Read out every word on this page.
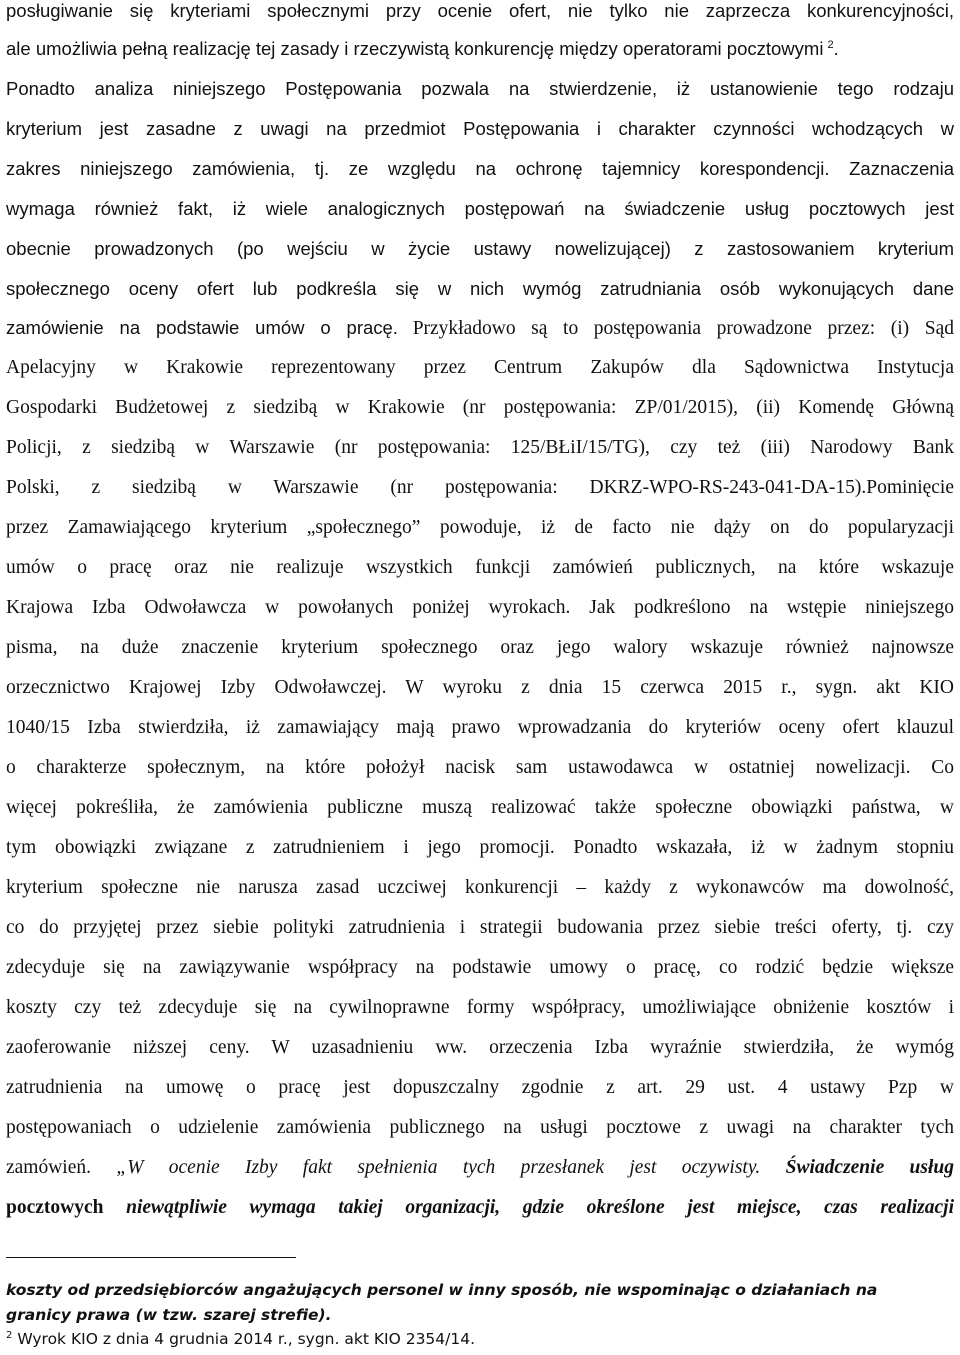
posługiwanie się kryteriami społecznymi przy ocenie ofert, nie tylko nie zaprzecza konkurencyjności,
ale umożliwia pełną realizację tej zasady i rzeczywistą konkurencję między operatorami pocztowymi $^2$.
Ponadto analiza niniejszego Postępowania pozwala na stwierdzenie, iż ustanowienie tego rodzaju
kryterium jest zasadne z uwagi na przedmiot Postępowania i charakter czynności wchodzących w
zakres niniejszego zamówienia, tj. ze względu na ochronę tajemnicy korespondencji. Zaznaczenia
wymaga również fakt, iż wiele analogicznych postępowań na świadczenie usług pocztowych jest
obecnie prowadzonych (po wejściu w życie ustawy nowelizującej) z zastosowaniem kryterium
społecznego oceny ofert lub podkreśla się w nich wymóg zatrudniania osób wykonujących dane
zamówienie na podstawie umów o pracę. Przykładowo są to postępowania prowadzone przez: (i) Sąd
Apelacyjny w Krakowie reprezentowany przez Centrum Zakupów dla Sądownictwa Instytucja
Gospodarki Budżetowej z siedzibą w Krakowie (nr postępowania: ZP/01/2015), (ii) Komendę Główną
Policji, z siedzibą w Warszawie (nr postępowania: 125/BŁiI/15/TG), czy też (iii) Narodowy Bank
Polski, z siedzibą w Warszawie (nr postępowania: DKRZ-WPO-RS-243-041-DA-15).Pominięcie
przez Zamawiającego kryterium „społecznego” powoduje, iż de facto nie dąży on do popularyzacji
umów o pracę oraz nie realizuje wszystkich funkcji zamówień publicznych, na które wskazuje
Krajowa Izba Odwoławcza w powołanych poniżej wyrokach. Jak podkreślono na wstępie niniejszego
pisma, na duże znaczenie kryterium społecznego oraz jego walory wskazuje również najnowsze
orzecznictwo Krajowej Izby Odwoławczej. W wyroku z dnia 15 czerwca 2015 r., sygn. akt KIO
1040/15 Izba stwierdziła, iż zamawiający mają prawo wprowadzania do kryteriów oceny ofert klauzul
o charakterze społecznym, na które położył nacisk sam ustawodawca w ostatniej nowelizacji. Co
więcej pokreśliła, że zamówienia publiczne muszą realizować także społeczne obowiązki państwa, w
tym obowiązki związane z zatrudnieniem i jego promocji. Ponadto wskazała, iż w żadnym stopniu
kryterium społeczne nie narusza zasad uczciwej konkurencji – każdy z wykonawców ma dowolność,
co do przyjętej przez siebie polityki zatrudnienia i strategii budowania przez siebie treści oferty, tj. czy
zdecyduje się na zawiązywanie współpracy na podstawie umowy o pracę, co rodzić będzie większe
koszty czy też zdecyduje się na cywilnoprawne formy współpracy, umożliwiające obniżenie kosztów i
zaoferowanie niższej ceny. W uzasadnieniu ww. orzeczenia Izba wyraźnie stwierdziła, że wymóg
zatrudnienia na umowę o pracę jest dopuszczalny zgodnie z art. 29 ust. 4 ustawy Pzp w
postępowaniach o udzielenie zamówienia publicznego na usługi pocztowe z uwagi na charakter tych
zamówień. „W ocenie Izby fakt spełnienia tych przesłanek jest oczywisty. Świadczenie usług
pocztowych niewątpliwie wymaga takiej organizacji, gdzie określone jest miejsce, czas realizacji
koszty od przedsiębiorców angażujących personel w inny sposób, nie wspominając o działaniach na
granicy prawa (w tzw. szarej strefie).
$^2$ Wyrok KIO z dnia 4 grudnia 2014 r., sygn. akt KIO 2354/14.
